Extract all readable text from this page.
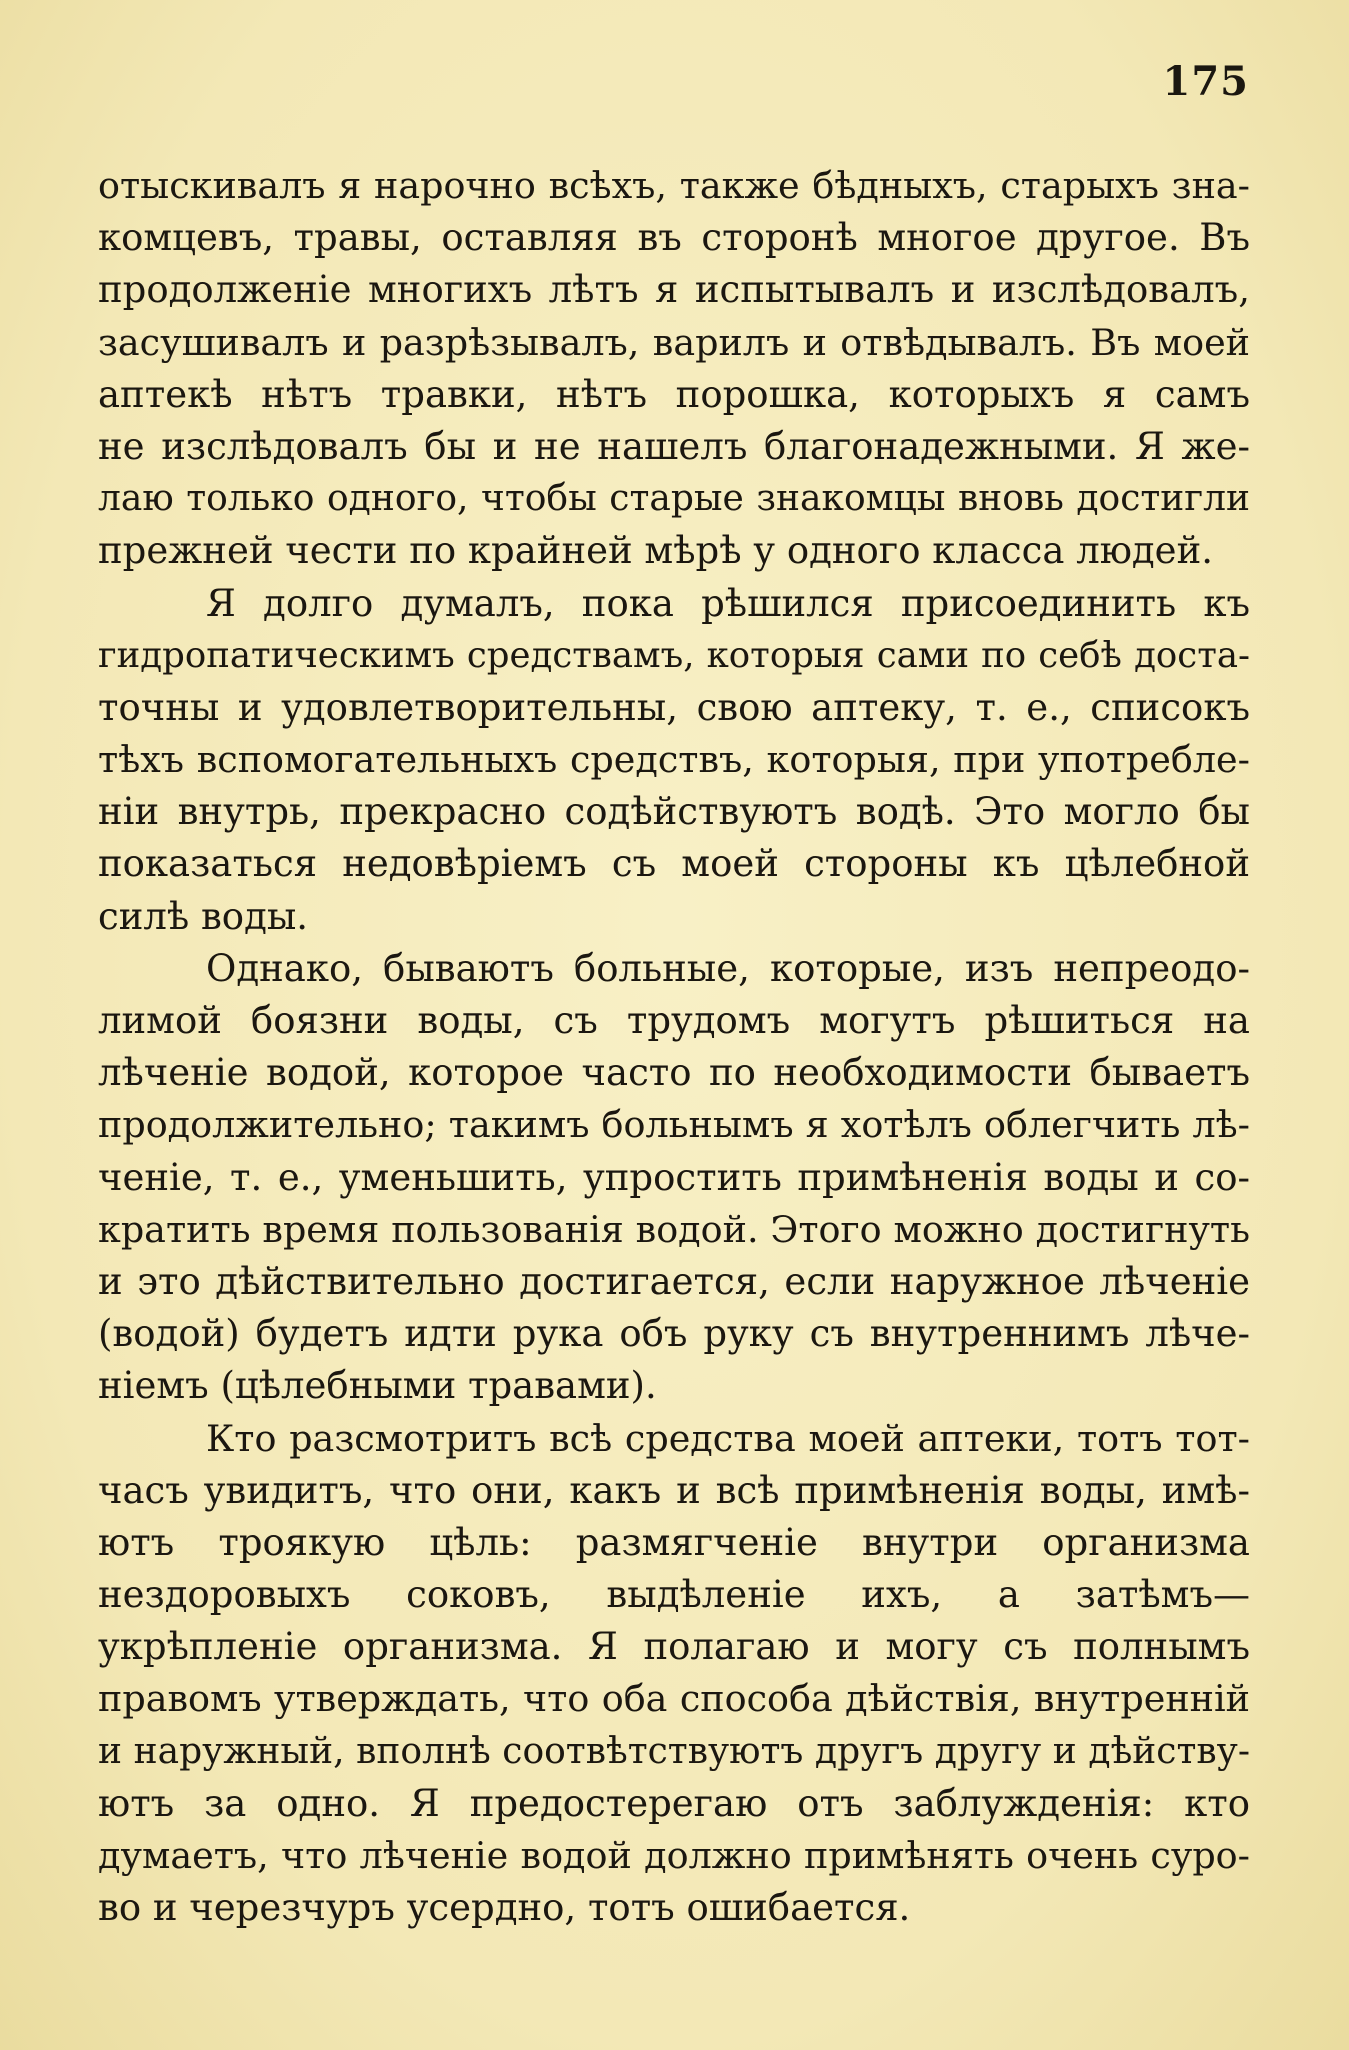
175
отыскивалъ я нарочно всѣхъ, также бѣдныхъ, старыхъ зна-
комцевъ, травы, оставляя въ сторонѣ многое другое. Въ
продолженіе многихъ лѣтъ я испытывалъ и изслѣдовалъ,
засушивалъ и разрѣзывалъ, варилъ и отвѣдывалъ. Въ моей
аптекѣ нѣтъ травки, нѣтъ порошка, которыхъ я самъ
не изслѣдовалъ бы и не нашелъ благонадежными. Я же-
лаю только одного, чтобы старые знакомцы вновь достигли
прежней чести по крайней мѣрѣ у одного класса людей.
Я долго думалъ, пока рѣшился присоединить къ
гидропатическимъ средствамъ, которыя сами по себѣ доста-
точны и удовлетворительны, свою аптеку, т. е., списокъ
тѣхъ вспомогательныхъ средствъ, которыя, при употребле-
ніи внутрь, прекрасно содѣйствуютъ водѣ. Это могло бы
показаться недовѣріемъ съ моей стороны къ цѣлебной
силѣ воды.
Однако, бываютъ больные, которые, изъ непреодо-
лимой боязни воды, съ трудомъ могутъ рѣшиться на
лѣченіе водой, которое часто по необходимости бываетъ
продолжительно; такимъ больнымъ я хотѣлъ облегчить лѣ-
ченіе, т. е., уменьшить, упростить примѣненія воды и со-
кратить время пользованія водой. Этого можно достигнуть
и это дѣйствительно достигается, если наружное лѣченіе
(водой) будетъ идти рука объ руку съ внутреннимъ лѣче-
ніемъ (цѣлебными травами).
Кто разсмотритъ всѣ средства моей аптеки, тотъ тот-
часъ увидитъ, что они, какъ и всѣ примѣненія воды, имѣ-
ютъ троякую цѣль: размягченіе внутри организма
нездоровыхъ соковъ, выдѣленіе ихъ, а затѣмъ—
укрѣпленіе организма. Я полагаю и могу съ полнымъ
правомъ утверждать, что оба способа дѣйствія, внутренній
и наружный, вполнѣ соотвѣтствуютъ другъ другу и дѣйству-
ютъ за одно. Я предостерегаю отъ заблужденія: кто
думаетъ, что лѣченіе водой должно примѣнять очень суро-
во и черезчуръ усердно, тотъ ошибается.
